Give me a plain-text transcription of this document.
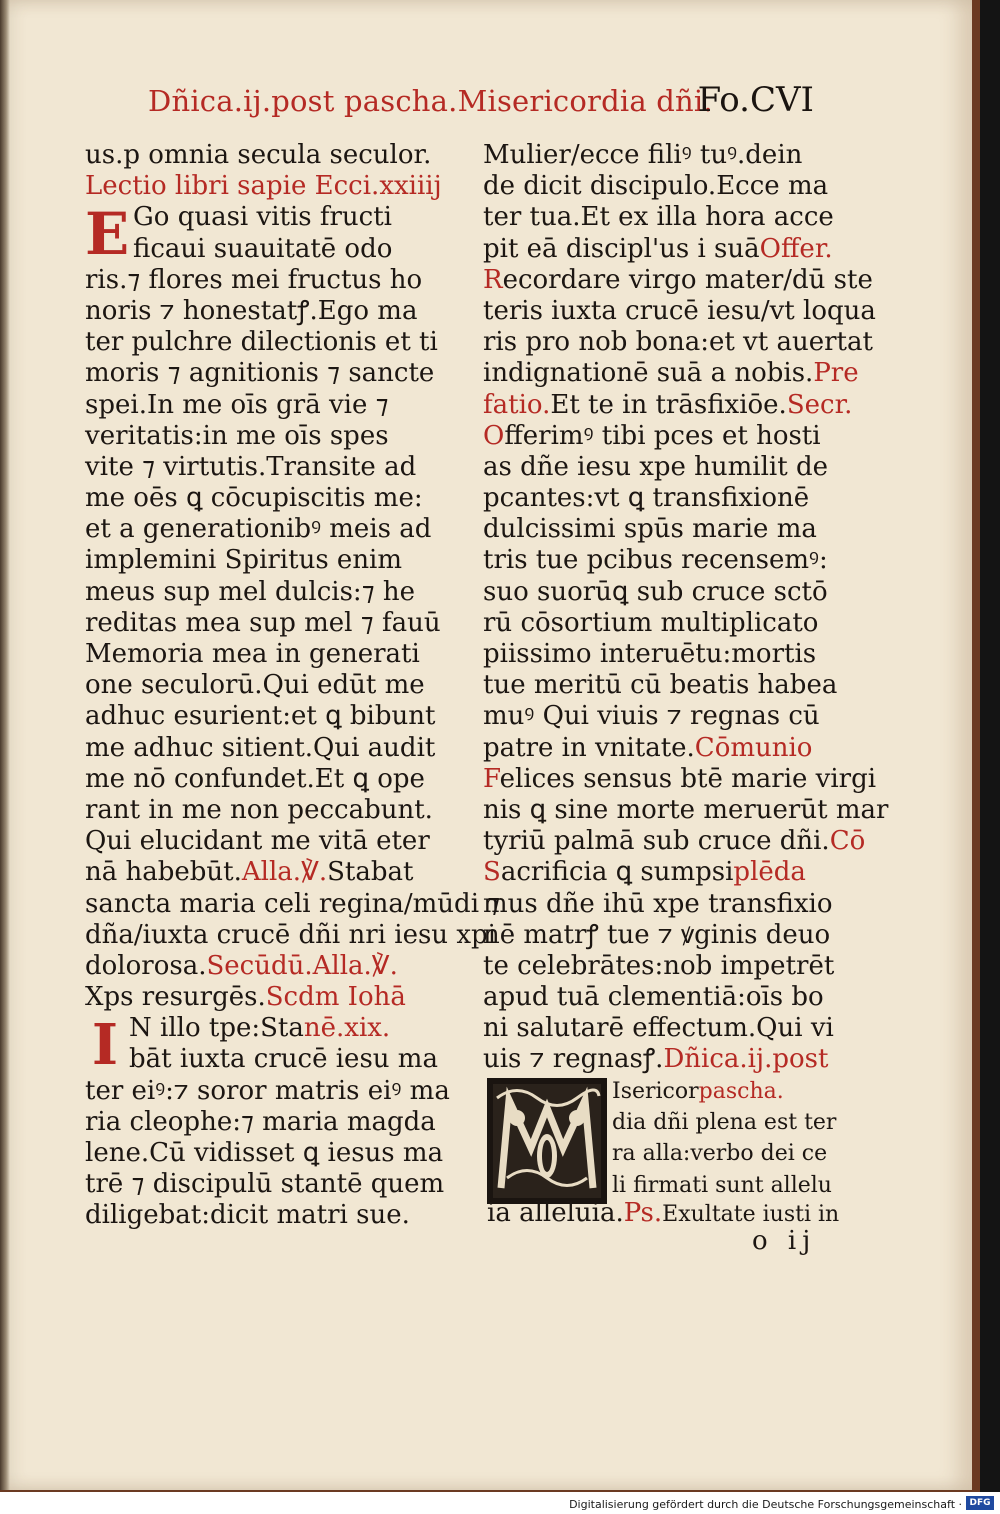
Dñica.ij.post pascha.Misericordia dñi.
Fo.CVI
us.p omnia secula seculor.
Lectio libri sapie Ecci.xxiiij
E Go quasi vitis fructi
ficaui suauitatē odo
ris.⁊ flores mei fructus ho
noris ⁊ honestatꝭ.Ego ma
ter pulchre dilectionis et ti
moris ⁊ agnitionis ⁊ sancte
spei.In me oīs grā vie ⁊
veritatis:in me oīs spes
vite ⁊ virtutis.Transite ad
me oēs ꝗ cōcupiscitis me:
et a generationibꝰ meis ad
implemini Spiritus enim
meus sup mel dulcis:⁊ he
reditas mea sup mel ⁊ fauū
Memoria mea in generati
one seculorū.Qui edūt me
adhuc esurient:et ꝗ bibunt
me adhuc sitient.Qui audit
me nō confundet.Et ꝗ ope
rant in me non peccabunt.
Qui elucidant me vitā eter
nā habebūt.Alla.℣.Stabat
sancta maria celi regina/mūdi ⁊
dña/iuxta crucē dñi nri iesu xpi
dolorosa.Secūdū.Alla.℣.
Xps resurgēs.Scdm Iohā
I N illo tpe:Stanē.xix.
bāt iuxta crucē iesu ma
ter eiꝰ:⁊ soror matris eiꝰ ma
ria cleophe:⁊ maria magda
lene.Cū vidisset ꝗ iesus ma
trē ⁊ discipulū stantē quem
diligebat:dicit matri sue.
Mulier/ecce filiꝰ tuꝰ.dein
de dicit discipulo.Ecce ma
ter tua.Et ex illa hora acce
pit eā discipl'us i suāOffer.
Recordare virgo mater/dū ste
teris iuxta crucē iesu/vt loqua
ris pro nob bona:et vt auertat
indignationē suā a nobis.Pre
fatio.Et te in trāsfixiōe.Secr.
Offerimꝰ tibi pces et hosti
as dñe iesu xpe humilit de
pcantes:vt ꝗ transfixionē
dulcissimi spūs marie ma
tris tue pcibus recensemꝰ:
suo suorūꝗ sub cruce sctō
rū cōsortium multiplicato
piissimo interuētu:mortis
tue meritū cū beatis habea
muꝰ Qui viuis ⁊ regnas cū
patre in vnitate.Cōmunio
Felices sensus btē marie virgi
nis ꝗ sine morte meruerūt mar
tyriū palmā sub cruce dñi.Cō
Sacrificia ꝗ sumpsiplēda
mus dñe ihū xpe transfixio
nē matrꝭ tue ⁊ ꝟginis deuo
te celebrātes:nob impetrēt
apud tuā clementiā:oīs bo
ni salutarē effectum.Qui vi
uis ⁊ regnasꝭ.Dñica.ij.post
Isericorpascha.
dia dñi plena est ter
ra alla:verbo dei ce
li firmati sunt allelu
ia alleluia.Ps.Exultate iusti in
o ij
Digitalisierung gefördert durch die Deutsche Forschungsgemeinschaft · DFG
